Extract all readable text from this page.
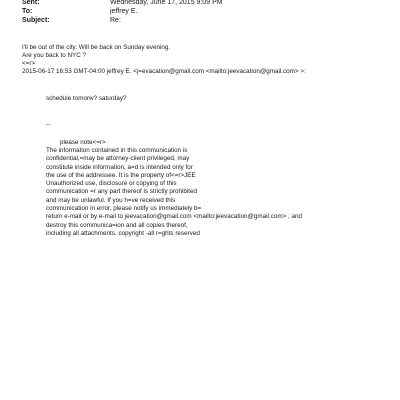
Sent:	Wednesday, June 17, 2015 9:09 PM
To:	jeffrey E.
Subject:	Re:
I'll be out of the city. Will be back on Sunday evening.
Are you back to NYC ?
<=r>
2015-06-17 16:53 GMT-04:00 jeffrey E. <j=evacation@gmail.com <mailto:jeevacation@gmail.com> >:
schedule tomorw? saturday?
--
please note<=r>
The information contained in this communication is
confidential,=may be attorney-client privileged, may
constitute inside information, a=d is intended only for
the use of the addressee. It is the property of<=r>JEE
Unauthorized use, disclosure or copying of this
communication =r any part thereof is strictly prohibited
and may be unlawful. If you h=ve received this
communication in error, please notify us immediately b=
return e-mail or by e-mail to jeevacation@gmail.com <mailto:jeevacation@gmail.com> , and
destroy this communica=ion and all copies thereof,
including all attachments. copyright -all r=ghts reserved
